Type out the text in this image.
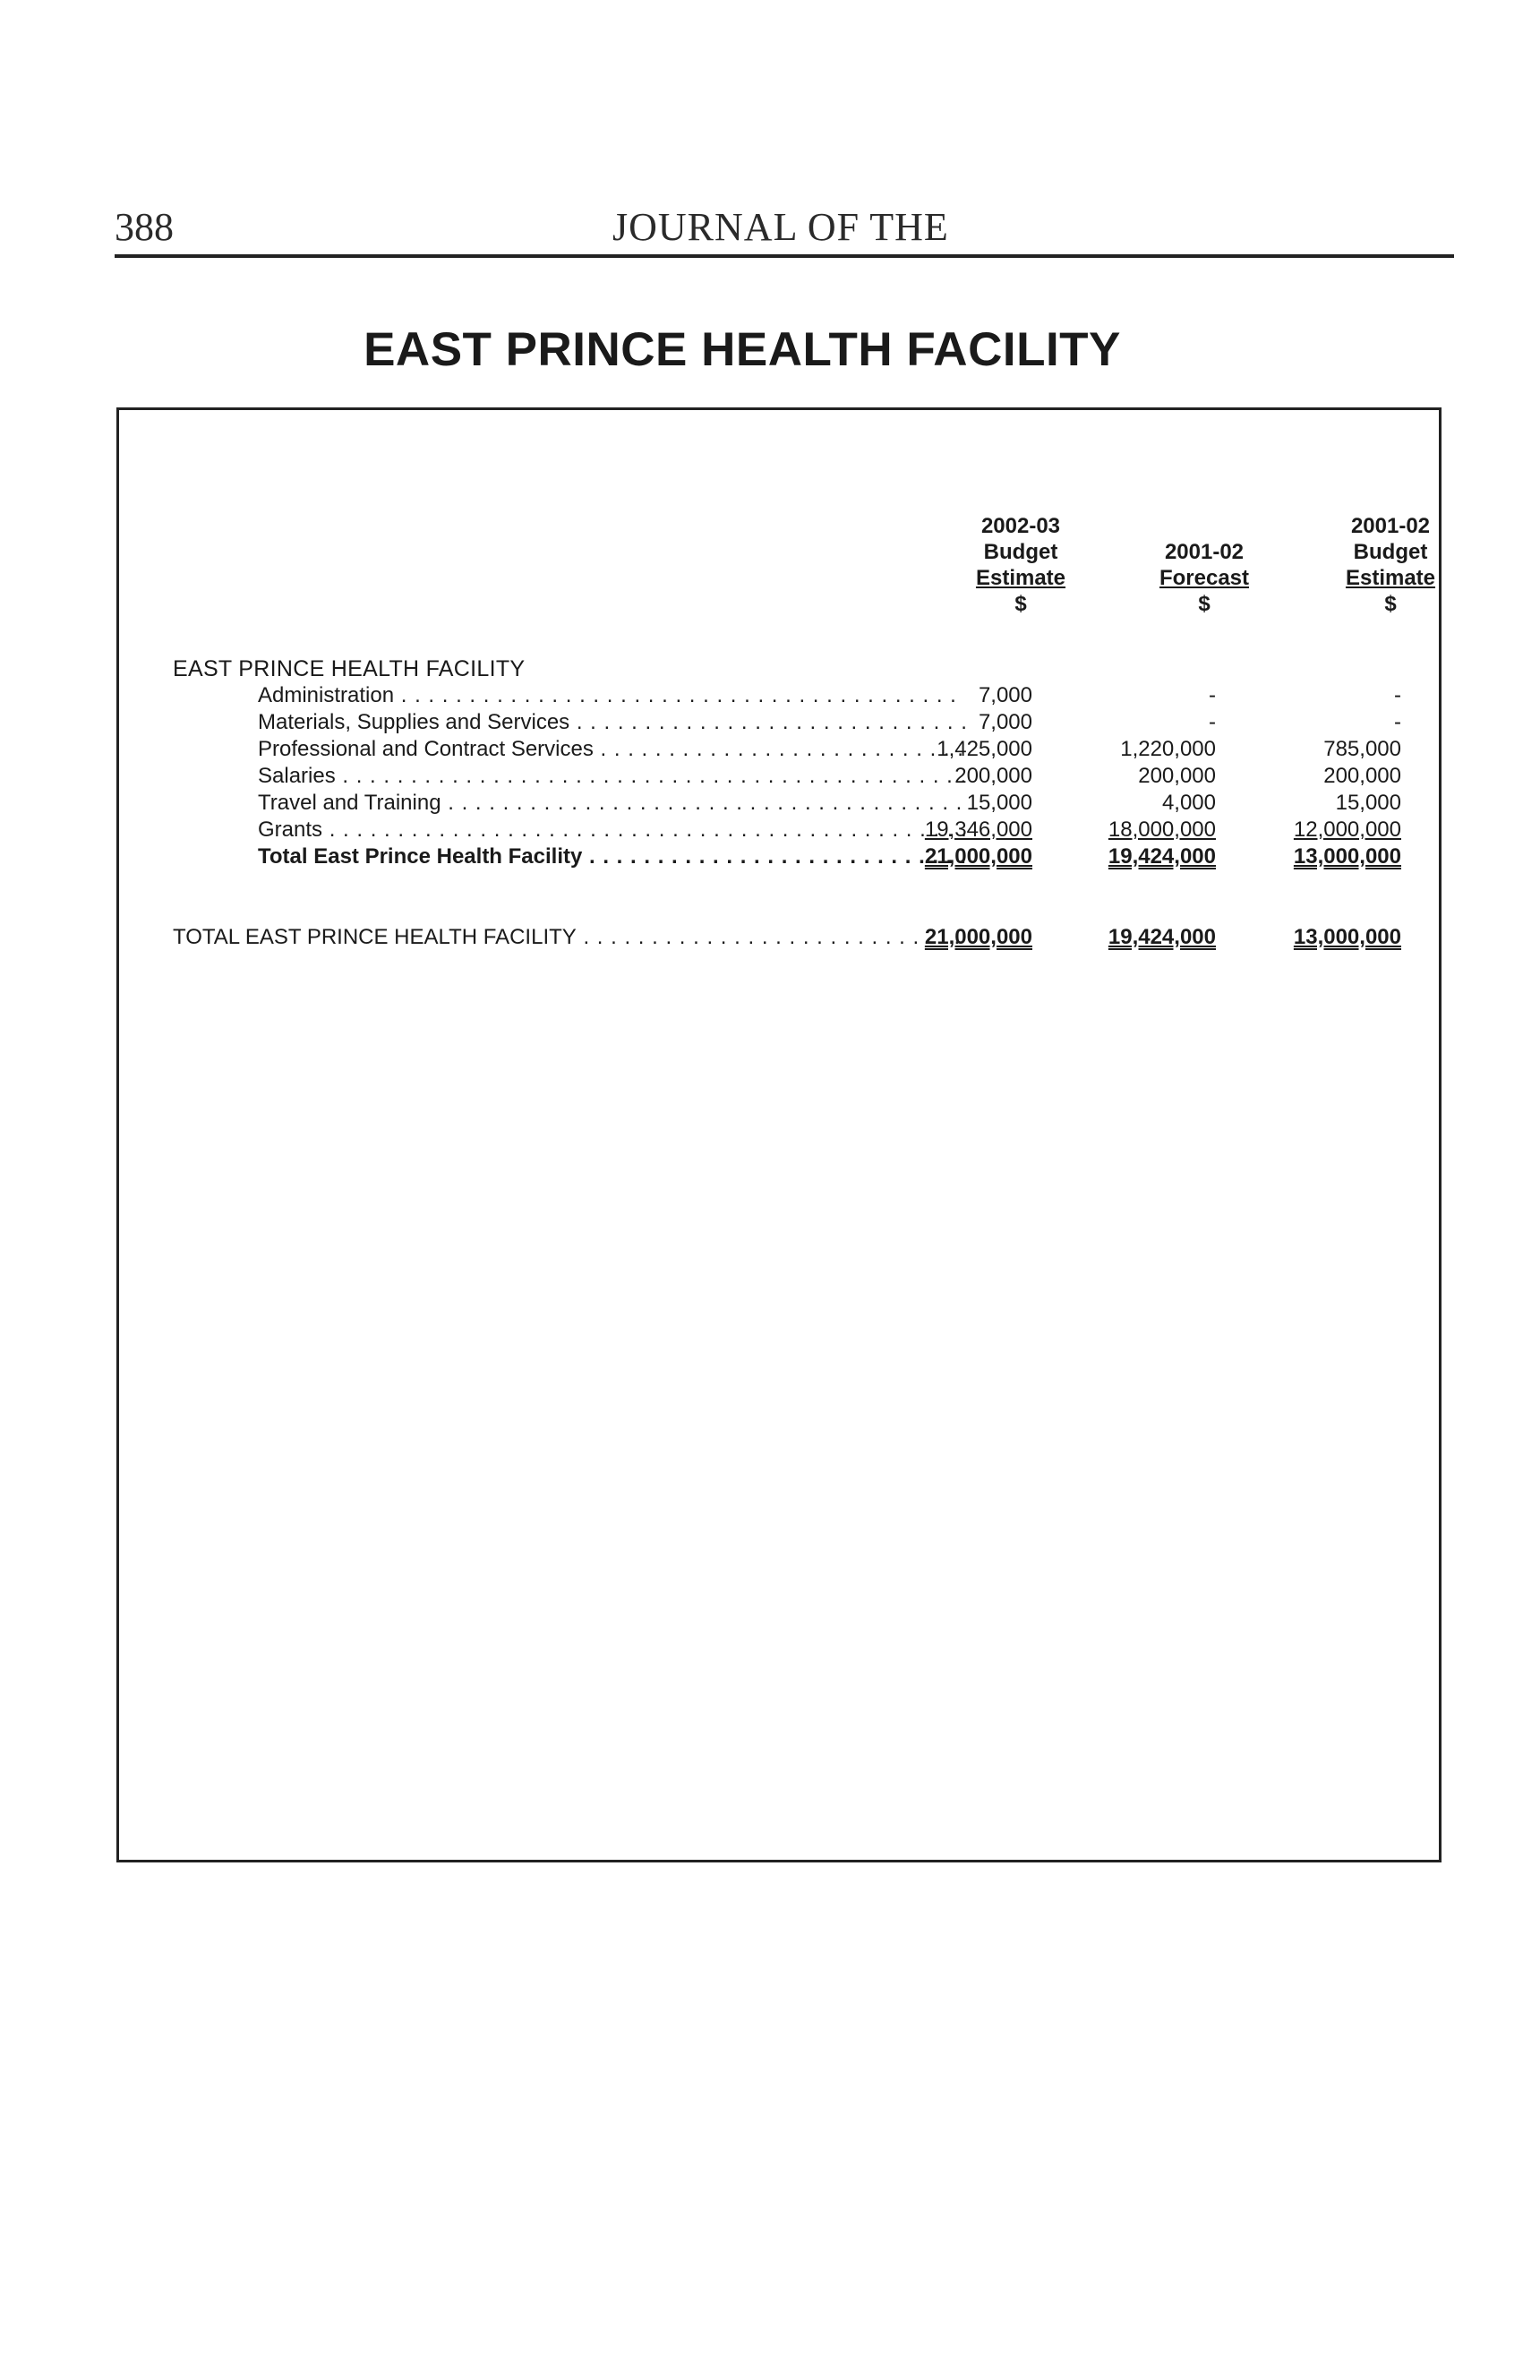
388	JOURNAL OF THE
EAST PRINCE HEALTH FACILITY
2002-03
Budget
Estimate
$

2001-02
Forecast
$
2001-02
Budget
Estimate
$
EAST PRINCE HEALTH FACILITY
Administration . . .	7,000	-	-
Materials, Supplies and Services . . .	7,000	-	-
Professional and Contract Services . . .	1,425,000	1,220,000	785,000
Salaries . . .	200,000	200,000	200,000
Travel and Training . . .	15,000	4,000	15,000
Grants . . .	19,346,000	18,000,000	12,000,000
Total East Prince Health Facility . . .	21,000,000	19,424,000	13,000,000
TOTAL EAST PRINCE HEALTH FACILITY . . .	21,000,000	19,424,000	13,000,000
